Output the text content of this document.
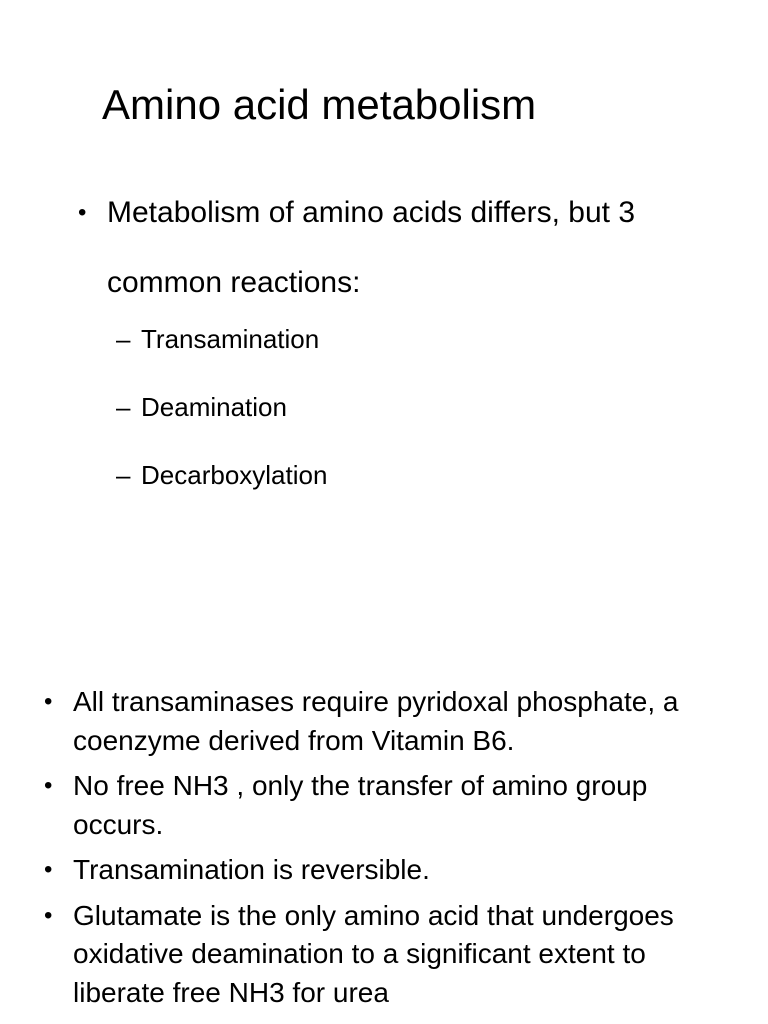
Amino acid metabolism
• Metabolism of amino acids differs, but 3 common reactions:
– Transamination
– Deamination
– Decarboxylation
• All transaminases require pyridoxal phosphate, a coenzyme derived from Vitamin B6.
• No free NH3 , only the transfer of amino group occurs.
• Transamination is reversible.
• Glutamate is the only amino acid that undergoes oxidative deamination to a significant extent to liberate free NH3 for urea
